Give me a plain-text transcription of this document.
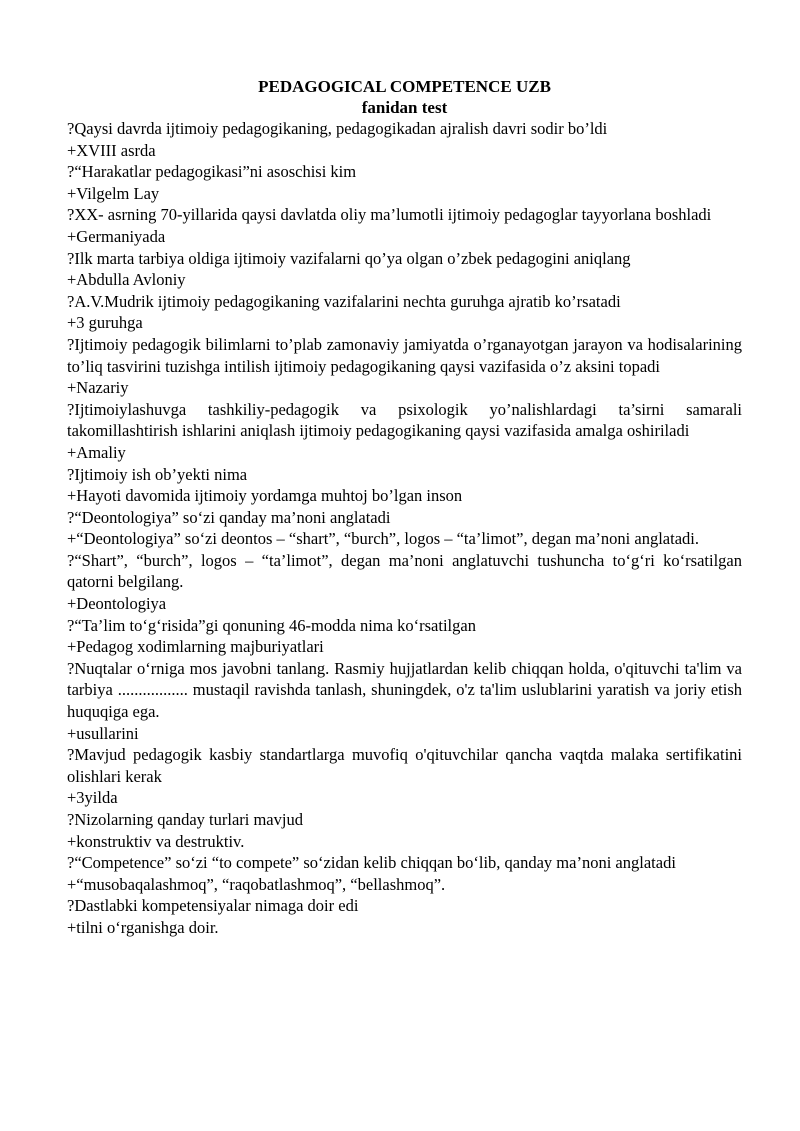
PEDAGOGICAL COMPETENCE UZB

fanidan test

?Qaysi davrda ijtimoiy pedagogikaning, pedagogikadan ajralish davri sodir bo’ldi

+XVIII asrda

?“Harakatlar pedagogikasi”ni asoschisi kim

+Vilgelm Lay

?XX- asrning 70-yillarida qaysi davlatda oliy ma’lumotli ijtimoiy pedagoglar tayyorlana boshladi

+Germaniyada

?Ilk marta tarbiya oldiga ijtimoiy vazifalarni qo’ya olgan o’zbek pedagogini aniqlang

+Abdulla Avloniy

?A.V.Mudrik ijtimoiy pedagogikaning vazifalarini nechta guruhga ajratib ko’rsatadi

+3 guruhga

?Ijtimoiy pedagogik bilimlarni to’plab zamonaviy jamiyatda o’rganayotgan jarayon va hodisalarining to’liq tasvirini tuzishga intilish ijtimoiy pedagogikaning qaysi vazifasida o’z aksini topadi

+Nazariy

?Ijtimoiylashuvga tashkiliy-pedagogik va psixologik yo’nalishlardagi ta’sirni samarali takomillashtirish ishlarini aniqlash ijtimoiy pedagogikaning qaysi vazifasida amalga oshiriladi

+Amaliy

?Ijtimoiy ish ob’yekti nima

+Hayoti davomida ijtimoiy yordamga muhtoj bo’lgan inson

?“Deontologiya” so‘zi qanday ma’noni anglatadi

+“Deontologiya” so‘zi deontos – “shart”, “burch”, logos – “ta’limot”, degan ma’noni anglatadi.

?“Shart”, “burch”, logos – “ta’limot”, degan ma’noni anglatuvchi tushuncha to‘g‘ri ko‘rsatilgan qatorni belgilang.

+Deontologiya

?“Ta’lim to‘g‘risida”gi qonuning 46-modda nima ko‘rsatilgan

+Pedagog xodimlarning majburiyatlari

?Nuqtalar o‘rniga mos javobni tanlang. Rasmiy hujjatlardan kelib chiqqan holda, o'qituvchi ta'lim va tarbiya ................. mustaqil ravishda tanlash, shuningdek, o'z ta'lim uslublarini yaratish va joriy etish huquqiga ega.

+usullarini

?Mavjud pedagogik kasbiy standartlarga muvofiq o'qituvchilar qancha vaqtda malaka sertifikatini olishlari kerak

+3yilda

?Nizolarning qanday turlari mavjud

+konstruktiv va destruktiv.

?“Competence” so‘zi “to compete” so‘zidan kelib chiqqan bo‘lib, qanday ma’noni anglatadi

+“musobaqalashmoq”, “raqobatlashmoq”, “bellashmoq”.

?Dastlabki kompetensiyalar nimaga doir edi

+tilni o‘rganishga doir.
